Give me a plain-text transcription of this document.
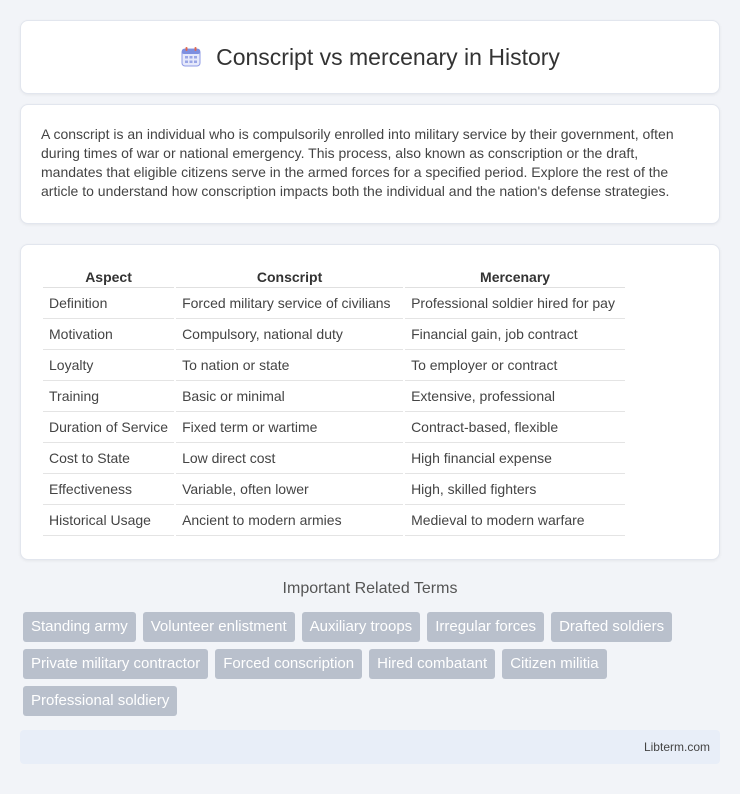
Conscript vs mercenary in History

A conscript is an individual who is compulsorily enrolled into military service by their government, often during times of war or national emergency. This process, also known as conscription or the draft, mandates that eligible citizens serve in the armed forces for a specified period. Explore the rest of the article to understand how conscription impacts both the individual and the nation's defense strategies.

Aspect	Conscript	Mercenary
Definition	Forced military service of civilians	Professional soldier hired for pay
Motivation	Compulsory, national duty	Financial gain, job contract
Loyalty	To nation or state	To employer or contract
Training	Basic or minimal	Extensive, professional
Duration of Service	Fixed term or wartime	Contract-based, flexible
Cost to State	Low direct cost	High financial expense
Effectiveness	Variable, often lower	High, skilled fighters
Historical Usage	Ancient to modern armies	Medieval to modern warfare
Important Related Terms
Standing army	Volunteer enlistment	Auxiliary troops	Irregular forces	Drafted soldiers
Private military contractor	Forced conscription	Hired combatant	Citizen militia
Professional soldiery
Libterm.com
